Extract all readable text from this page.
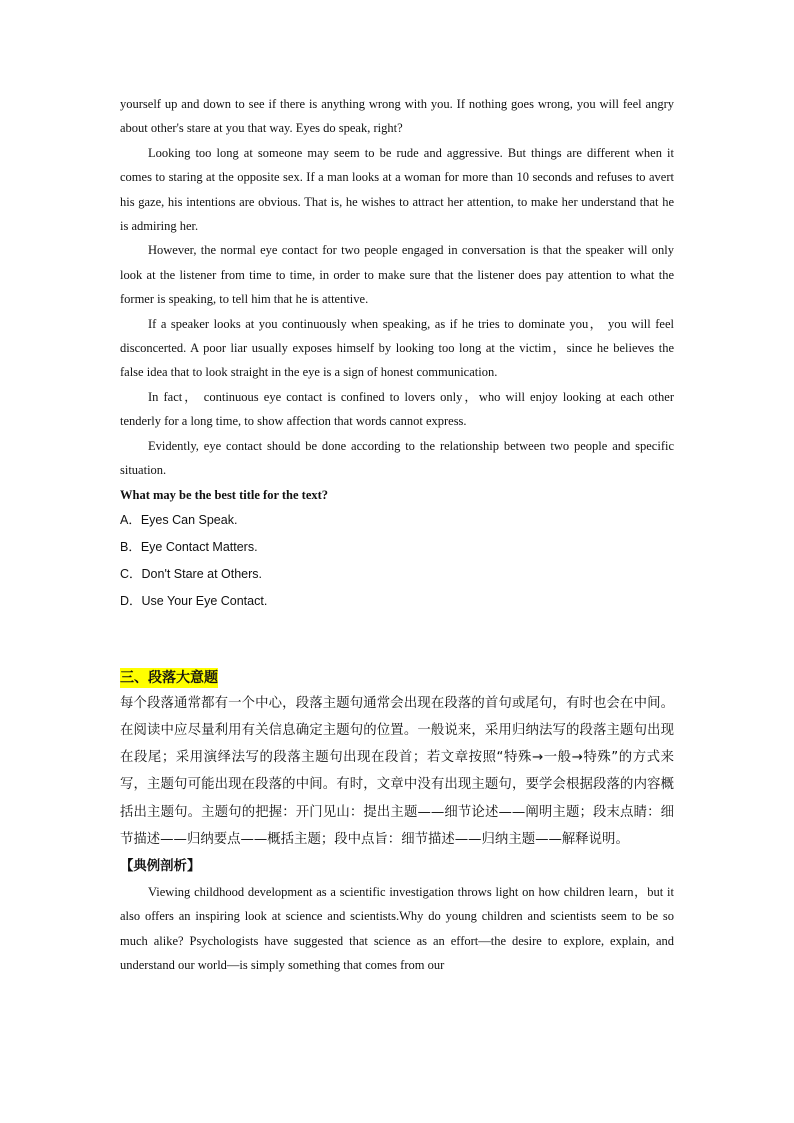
yourself up and down to see if there is anything wrong with you. If nothing goes wrong, you will feel angry about other's stare at you that way. Eyes do speak, right?

Looking too long at someone may seem to be rude and aggressive. But things are different when it comes to staring at the opposite sex. If a man looks at a woman for more than 10 seconds and refuses to avert his gaze, his intentions are obvious. That is, he wishes to attract her attention, to make her understand that he is admiring her.

However, the normal eye contact for two people engaged in conversation is that the speaker will only look at the listener from time to time, in order to make sure that the listener does pay attention to what the former is speaking, to tell him that he is attentive.

If a speaker looks at you continuously when speaking, as if he tries to dominate you， you will feel disconcerted. A poor liar usually exposes himself by looking too long at the victim，since he believes the false idea that to look straight in the eye is a sign of honest communication.

In fact， continuous eye contact is confined to lovers only，who will enjoy looking at each other tenderly for a long time, to show affection that words cannot express.

Evidently, eye contact should be done according to the relationship between two people and specific situation.

What may be the best title for the text?

A．Eyes Can Speak.

B．Eye Contact Matters.

C．Don't Stare at Others.

D．Use Your Eye Contact.

三、段落大意题

每个段落通常都有一个中心，段落主题句通常会出现在段落的首句或尾句，有时也会在中间。在阅读中应尽量利用有关信息确定主题句的位置。一般说来，采用归纳法写的段落主题句出现在段尾；采用演绎法写的段落主题句出现在段首；若文章按照“特殊→一般→特殊”的方式来写，主题句可能出现在段落的中间。有时，文章中没有出现主题句，要学会根据段落的内容概括出主题句。主题句的把握：开门见山：提出主题——细节论述——阐明主题；段末点睛：细节描述——归纳要点——概括主题；段中点旨：细节描述——归纳主题——解释说明。

【典例剖析】

Viewing childhood development as a scientific investigation throws light on how children learn，but it also offers an inspiring look at science and scientists.Why do young children and scientists seem to be so much alike? Psychologists have suggested that science as an effort—the desire to explore, explain, and understand our world—is simply something that comes from our
